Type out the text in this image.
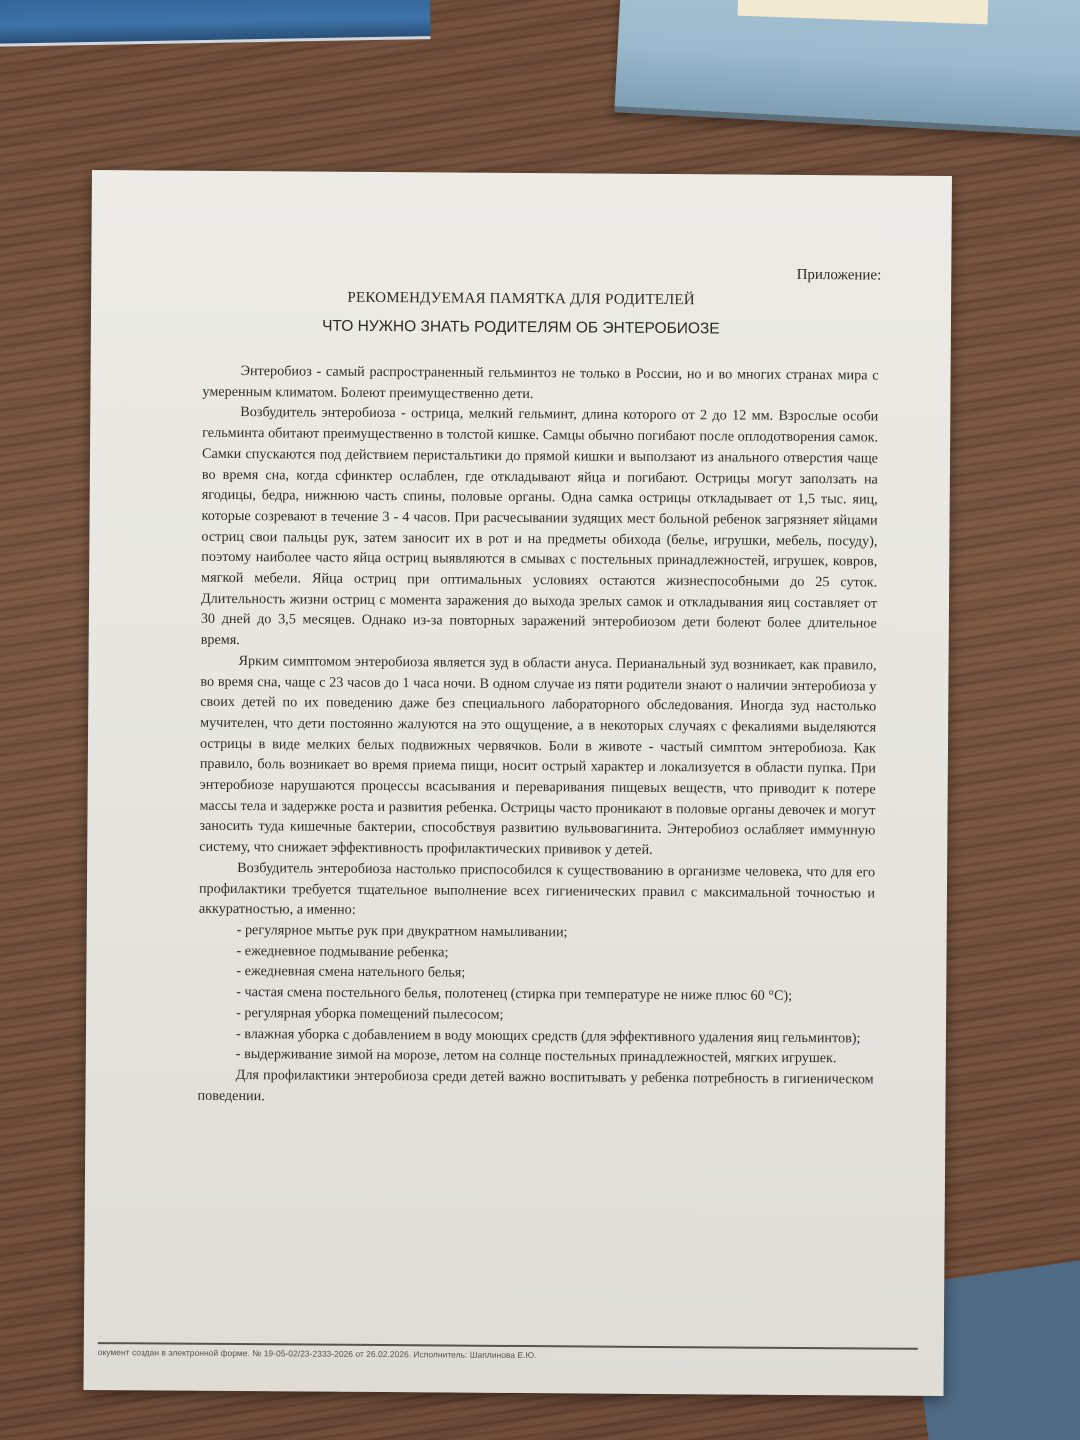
Приложение:
РЕКОМЕНДУЕМАЯ ПАМЯТКА ДЛЯ РОДИТЕЛЕЙ
ЧТО НУЖНО ЗНАТЬ РОДИТЕЛЯМ ОБ ЭНТЕРОБИОЗЕ

Энтеробиоз - самый распространенный гельминтоз не только в России, но и во многих странах мира с умеренным климатом. Болеют преимущественно дети.

Возбудитель энтеробиоза - острица, мелкий гельминт, длина которого от 2 до 12 мм. Взрослые особи гельминта обитают преимущественно в толстой кишке. Самцы обычно погибают после оплодотворения самок. Самки спускаются под действием перистальтики до прямой кишки и выползают из анального отверстия чаще во время сна, когда сфинктер ослаблен, где откладывают яйца и погибают. Острицы могут заползать на ягодицы, бедра, нижнюю часть спины, половые органы. Одна самка острицы откладывает от 1,5 тыс. яиц, которые созревают в течение 3 - 4 часов. При расчесывании зудящих мест больной ребенок загрязняет яйцами остриц свои пальцы рук, затем заносит их в рот и на предметы обихода (белье, игрушки, мебель, посуду), поэтому наиболее часто яйца остриц выявляются в смывах с постельных принадлежностей, игрушек, ковров, мягкой мебели. Яйца остриц при оптимальных условиях остаются жизнеспособными до 25 суток. Длительность жизни остриц с момента заражения до выхода зрелых самок и откладывания яиц составляет от 30 дней до 3,5 месяцев. Однако из-за повторных заражений энтеробиозом дети болеют более длительное время.

Ярким симптомом энтеробиоза является зуд в области ануса. Перианальный зуд возникает, как правило, во время сна, чаще с 23 часов до 1 часа ночи. В одном случае из пяти родители знают о наличии энтеробиоза у своих детей по их поведению даже без специального лабораторного обследования. Иногда зуд настолько мучителен, что дети постоянно жалуются на это ощущение, а в некоторых случаях с фекалиями выделяются острицы в виде мелких белых подвижных червячков. Боли в животе - частый симптом энтеробиоза. Как правило, боль возникает во время приема пищи, носит острый характер и локализуется в области пупка. При энтеробиозе нарушаются процессы всасывания и переваривания пищевых веществ, что приводит к потере массы тела и задержке роста и развития ребенка. Острицы часто проникают в половые органы девочек и могут заносить туда кишечные бактерии, способствуя развитию вульвовагинита. Энтеробиоз ослабляет иммунную систему, что снижает эффективность профилактических прививок у детей.

Возбудитель энтеробиоза настолько приспособился к существованию в организме человека, что для его профилактики требуется тщательное выполнение всех гигиенических правил с максимальной точностью и аккуратностью, а именно:

- регулярное мытье рук при двукратном намыливании;

- ежедневное подмывание ребенка;

- ежедневная смена нательного белья;

- частая смена постельного белья, полотенец (стирка при температуре не ниже плюс 60 °С);

- регулярная уборка помещений пылесосом;

- влажная уборка с добавлением в воду моющих средств (для эффективного удаления яиц гельминтов);

- выдерживание зимой на морозе, летом на солнце постельных принадлежностей, мягких игрушек.

Для профилактики энтеробиоза среди детей важно воспитывать у ребенка потребность в гигиеническом поведении.

окумент создан в электронной форме. № 19-05-02/23-2333-2026 от 26.02.2026. Исполнитель: Шаплинова Е.Ю.
